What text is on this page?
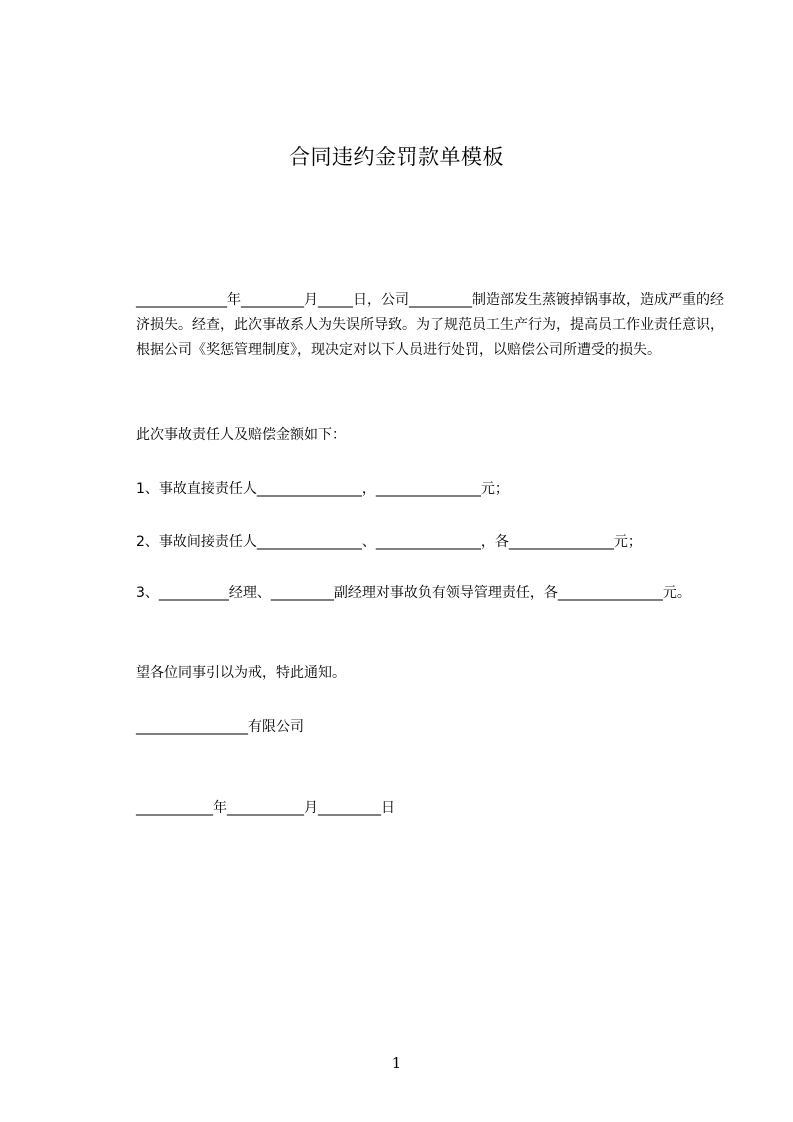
合同违约金罚款单模板

_____________年_________月_____日，公司_________制造部发生蒸镀掉锅事故，造成严重的经济损失。经查，此次事故系人为失误所导致。为了规范员工生产行为，提高员工作业责任意识，根据公司《奖惩管理制度》，现决定对以下人员进行处罚，以赔偿公司所遭受的损失。

此次事故责任人及赔偿金额如下：

1、事故直接责任人_______________，_______________元；

2、事故间接责任人_______________、_______________，各_______________元；

3、__________经理、_________副经理对事故负有领导管理责任，各_______________元。

望各位同事引以为戒，特此通知。

________________有限公司

___________年___________月_________日

1
